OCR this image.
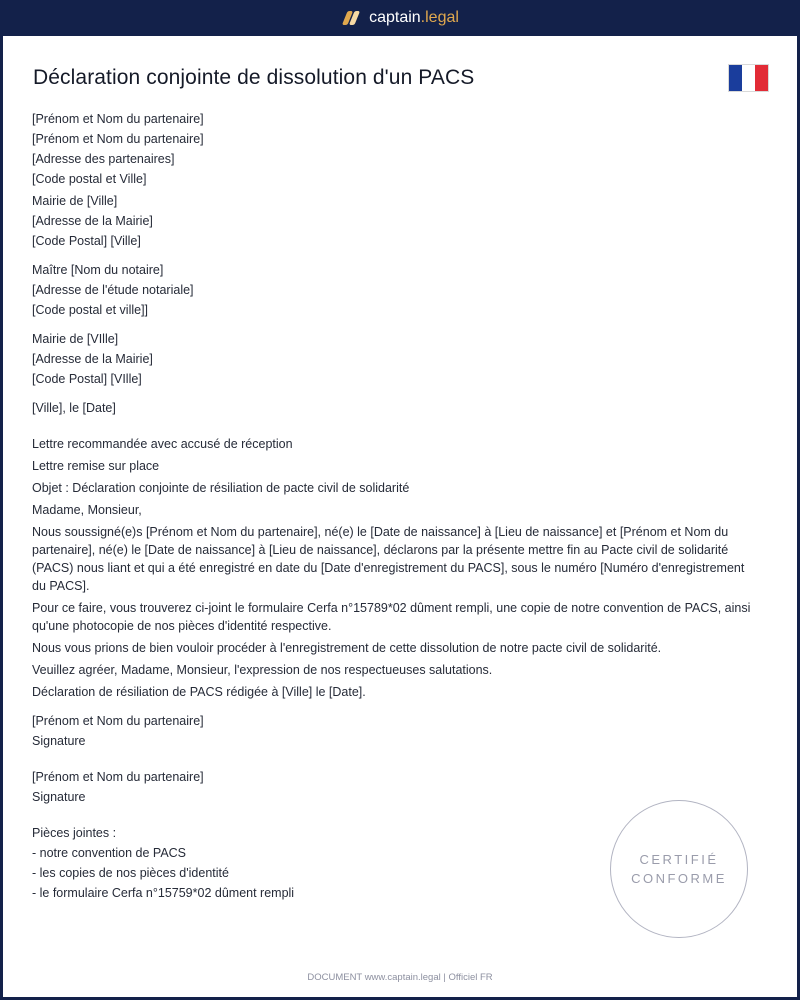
captain.legal
Déclaration conjointe de dissolution d'un PACS

[Prénom et Nom du partenaire]

[Prénom et Nom du partenaire]

[Adresse des partenaires]

[Code postal et Ville]

Mairie de [Ville]

[Adresse de la Mairie]

[Code Postal] [Ville]

Maître [Nom du notaire]

[Adresse de l'étude notariale]

[Code postal et ville]]

Mairie de [VIlle]

[Adresse de la Mairie]

[Code Postal] [VIlle]

[Ville], le [Date]

Lettre recommandée avec accusé de réception

Lettre remise sur place

Objet : Déclaration conjointe de résiliation de pacte civil de solidarité

Madame, Monsieur,

Nous soussigné(e)s [Prénom et Nom du partenaire], né(e) le [Date de naissance] à [Lieu de naissance] et [Prénom et Nom du partenaire], né(e) le [Date de naissance] à [Lieu de naissance], déclarons par la présente mettre fin au Pacte civil de solidarité (PACS) nous liant et qui a été enregistré en date du [Date d'enregistrement du PACS], sous le numéro [Numéro d'enregistrement du PACS].

Pour ce faire, vous trouverez ci-joint le formulaire Cerfa n°15789*02 dûment rempli, une copie de notre convention de PACS, ainsi qu'une photocopie de nos pièces d'identité respective.

Nous vous prions de bien vouloir procéder à l'enregistrement de cette dissolution de notre pacte civil de solidarité.

Veuillez agréer, Madame, Monsieur, l'expression de nos respectueuses salutations.

Déclaration de résiliation de PACS rédigée à [Ville] le [Date].

[Prénom et Nom du partenaire]

Signature

[Prénom et Nom du partenaire]

Signature

Pièces jointes :

- notre convention de PACS

- les copies de nos pièces d'identité

- le formulaire Cerfa n°15759*02 dûment rempli

CERTIFIÉ
CONFORME
DOCUMENT www.captain.legal | Officiel FR
